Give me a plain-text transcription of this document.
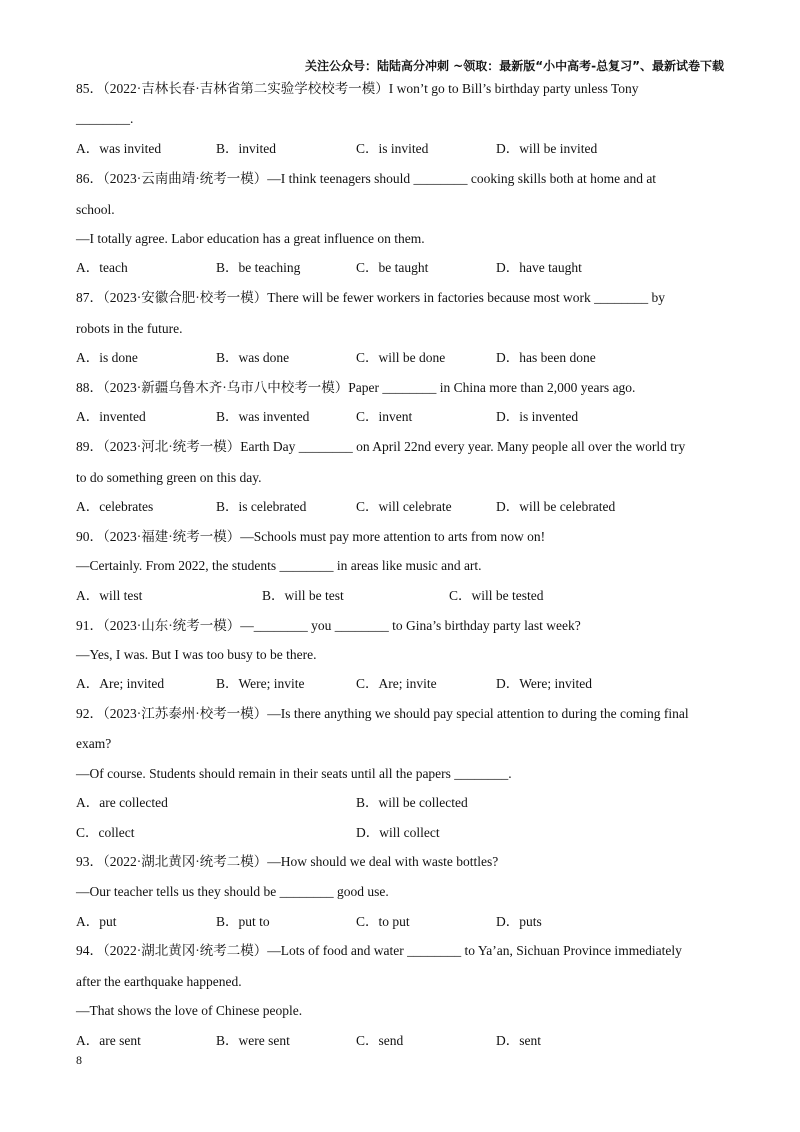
关注公众号：陆陆高分冲刺 ~领取：最新版“小中高考-总复习”、最新试卷下载
85．（2022·吉林长春·吉林省第二实验学校校考一模）I won’t go to Bill’s birthday party unless Tony
________.
A．was invited	B．invited	C．is invited	D．will be invited
86．（2023·云南曲靖·统考一模）—I think teenagers should ________ cooking skills both at home and at
school.
—I totally agree. Labor education has a great influence on them.
A．teach	B．be teaching	C．be taught	D．have taught
87．（2023·安徽合肥·校考一模）There will be fewer workers in factories because most work ________ by
robots in the future.
A．is done	B．was done	C．will be done	D．has been done
88．（2023·新疆乌鲁木齐·乌市八中校考一模）Paper ________ in China more than 2,000 years ago.
A．invented	B．was invented	C．invent	D．is invented
89．（2023·河北·统考一模）Earth Day ________ on April 22nd every year. Many people all over the world try
to do something green on this day.
A．celebrates	B．is celebrated	C．will celebrate	D．will be celebrated
90．（2023·福建·统考一模）—Schools must pay more attention to arts from now on!
—Certainly. From 2022, the students ________ in areas like music and art.
A．will test	B．will be test	C．will be tested
91．（2023·山东·统考一模）—________ you ________ to Gina’s birthday party last week?
—Yes, I was. But I was too busy to be there.
A．Are; invited	B．Were; invite	C．Are; invite	D．Were; invited
92．（2023·江苏泰州·校考一模）—Is there anything we should pay special attention to during the coming final
exam?
—Of course. Students should remain in their seats until all the papers ________.
A．are collected	B．will be collected
C．collect	D．will collect
93．（2022·湖北黄冈·统考二模）—How should we deal with waste bottles?
—Our teacher tells us they should be ________ good use.
A．put	B．put to	C．to put	D．puts
94．（2022·湖北黄冈·统考二模）—Lots of food and water ________ to Ya’an, Sichuan Province immediately
after the earthquake happened.
—That shows the love of Chinese people.
A．are sent	B．were sent	C．send	D．sent
8
